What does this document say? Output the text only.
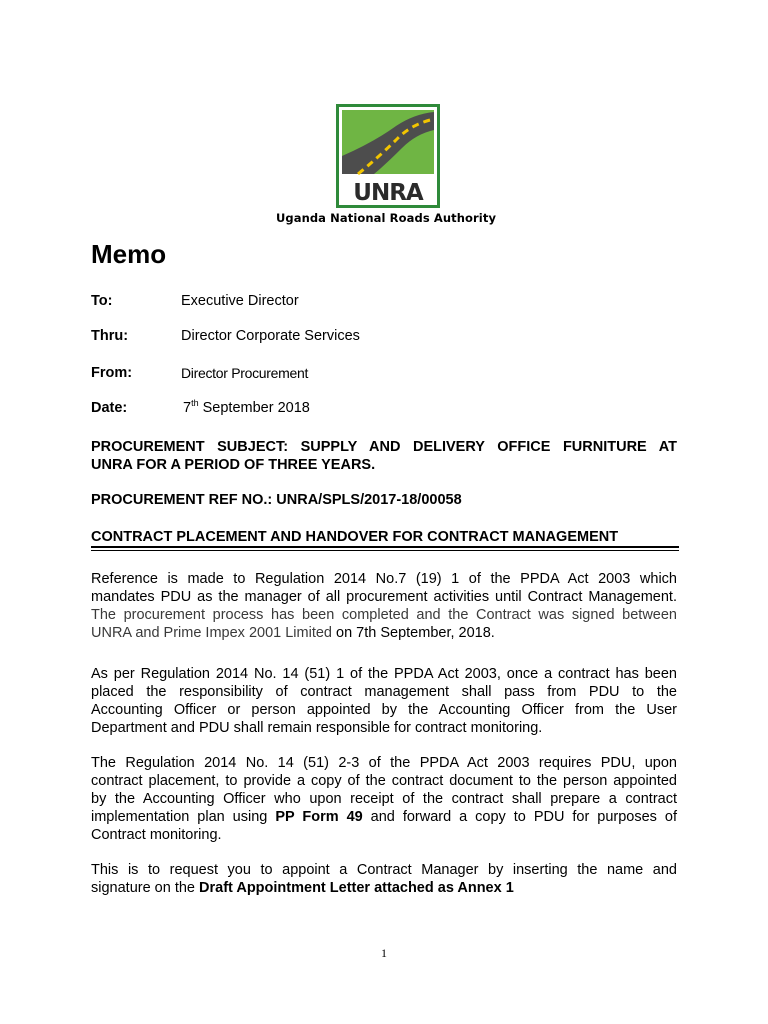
UNRA
Uganda National Roads Authority
Memo
To:	Executive Director
Thru:	Director Corporate Services
From:	Director Procurement
Date:	7th September 2018
PROCUREMENT SUBJECT: SUPPLY AND DELIVERY OFFICE FURNITURE AT
UNRA FOR A PERIOD OF THREE YEARS.
PROCUREMENT REF NO.: UNRA/SPLS/2017-18/00058
CONTRACT PLACEMENT AND HANDOVER FOR CONTRACT MANAGEMENT
Reference is made to Regulation 2014 No.7 (19) 1 of the PPDA Act 2003 which
mandates PDU as the manager of all procurement activities until Contract Management.
The procurement process has been completed and the Contract was signed between
UNRA and Prime Impex 2001 Limited on 7th September, 2018.
As per Regulation 2014 No. 14 (51) 1 of the PPDA Act 2003, once a contract has been
placed the responsibility of contract management shall pass from PDU to the
Accounting Officer or person appointed by the Accounting Officer from the User
Department and PDU shall remain responsible for contract monitoring.
The Regulation 2014 No. 14 (51) 2-3 of the PPDA Act 2003 requires PDU, upon
contract placement, to provide a copy of the contract document to the person appointed
by the Accounting Officer who upon receipt of the contract shall prepare a contract
implementation plan using PP Form 49 and forward a copy to PDU for purposes of
Contract monitoring.
This is to request you to appoint a Contract Manager by inserting the name and
signature on the Draft Appointment Letter attached as Annex 1
1
